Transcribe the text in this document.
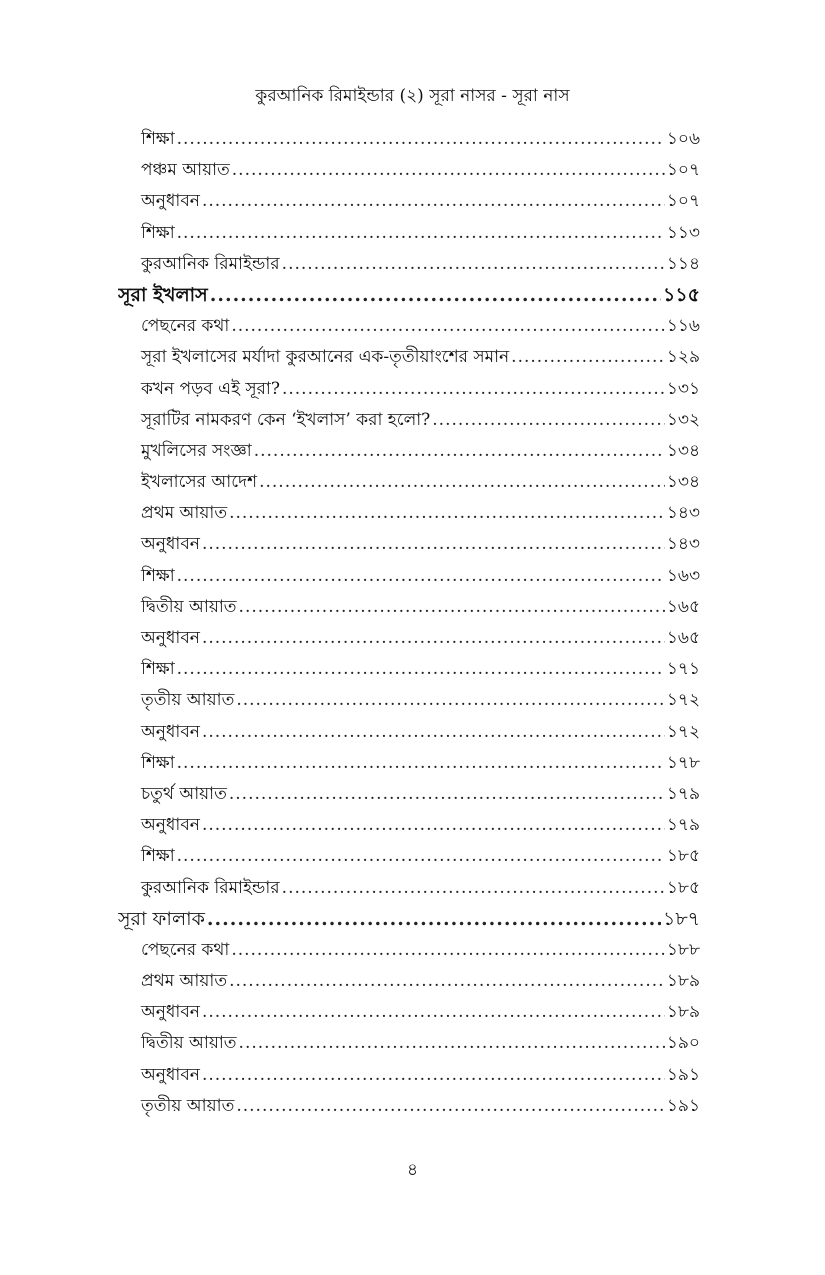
কুরআনিক রিমাইন্ডার (২) সূরা নাসর - সূরা নাস
শিক্ষা .....	১০৬
পঞ্চম আয়াত .....	১০৭
অনুধাবন .....	১০৭
শিক্ষা .....	১১৩
কুরআনিক রিমাইন্ডার .....	১১৪
সূরা ইখলাস .....	১১৫
পেছনের কথা .....	১১৬
সূরা ইখলাসের মর্যাদা কুরআনের এক-তৃতীয়াংশের সমান .....	১২৯
কখন পড়ব এই সূরা? .....	১৩১
সূরাটির নামকরণ কেন ‘ইখলাস’ করা হলো? .....	১৩২
মুখলিসের সংজ্ঞা .....	১৩৪
ইখলাসের আদেশ .....	১৩৪
প্রথম আয়াত .....	১৪৩
অনুধাবন .....	১৪৩
শিক্ষা .....	১৬৩
দ্বিতীয় আয়াত .....	১৬৫
অনুধাবন .....	১৬৫
শিক্ষা .....	১৭১
তৃতীয় আয়াত .....	১৭২
অনুধাবন .....	১৭২
শিক্ষা .....	১৭৮
চতুর্থ আয়াত .....	১৭৯
অনুধাবন .....	১৭৯
শিক্ষা .....	১৮৫
কুরআনিক রিমাইন্ডার .....	১৮৫
সূরা ফালাক .....	১৮৭
পেছনের কথা .....	১৮৮
প্রথম আয়াত .....	১৮৯
অনুধাবন .....	১৮৯
দ্বিতীয় আয়াত .....	১৯০
অনুধাবন .....	১৯১
তৃতীয় আয়াত .....	১৯১
৪
